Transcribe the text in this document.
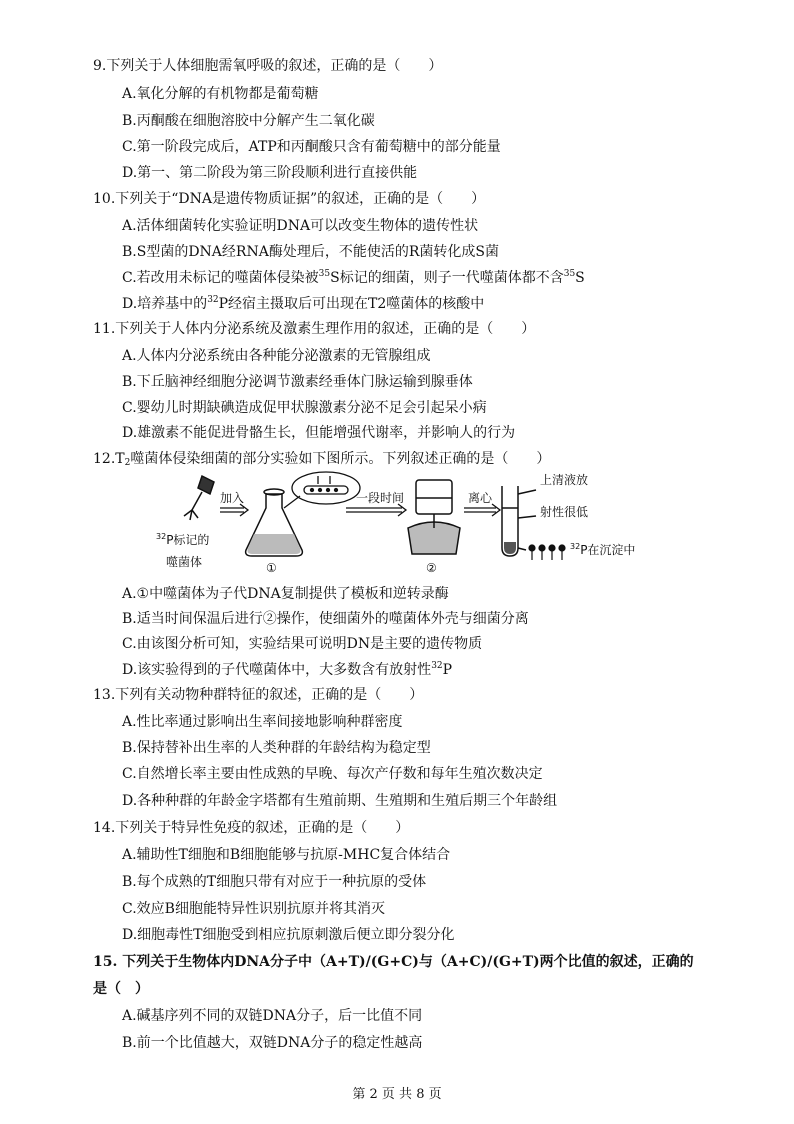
9.下列关于人体细胞需氧呼吸的叙述，正确的是（　　）
A.氧化分解的有机物都是葡萄糖
B.丙酮酸在细胞溶胶中分解产生二氧化碳
C.第一阶段完成后，ATP和丙酮酸只含有葡萄糖中的部分能量
D.第一、第二阶段为第三阶段顺利进行直接供能
10.下列关于“DNA是遗传物质证据”的叙述，正确的是（　　）
A.活体细菌转化实验证明DNA可以改变生物体的遗传性状
B.S型菌的DNA经RNA酶处理后，不能使活的R菌转化成S菌
C.若改用未标记的噬菌体侵染被$^{35}$S标记的细菌，则子一代噬菌体都不含$^{35}$S
D.培养基中的$^{32}$P经宿主摄取后可出现在T2噬菌体的核酸中
11.下列关于人体内分泌系统及激素生理作用的叙述，正确的是（　　）
A.人体内分泌系统由各种能分泌激素的无管腺组成
B.下丘脑神经细胞分泌调节激素经垂体门脉运输到腺垂体
C.婴幼儿时期缺碘造成促甲状腺激素分泌不足会引起呆小病
D.雄激素不能促进骨骼生长，但能增强代谢率，并影响人的行为
$12.T_2$噬菌体侵染细菌的部分实验如下图所示。下列叙述正确的是（　　）
$^{32}$P标记的
噬菌体
加入
①
一段时间
②
离心
上清液放
射性很低
$^{32}$P在沉淀中
A.①中噬菌体为子代DNA复制提供了模板和逆转录酶
B.适当时间保温后进行②操作，使细菌外的噬菌体外壳与细菌分离
C.由该图分析可知，实验结果可说明DN是主要的遗传物质
D.该实验得到的子代噬菌体中，大多数含有放射性$^{32}$P
13.下列有关动物种群特征的叙述，正确的是（　　）
A.性比率通过影响出生率间接地影响种群密度
B.保持替补出生率的人类种群的年龄结构为稳定型
C.自然增长率主要由性成熟的早晚、每次产仔数和每年生殖次数决定
D.各种种群的年龄金字塔都有生殖前期、生殖期和生殖后期三个年龄组
14.下列关于特异性免疫的叙述，正确的是（　　）
A.辅助性T细胞和B细胞能够与抗原-MHC复合体结合
B.每个成熟的T细胞只带有对应于一种抗原的受体
C.效应B细胞能特异性识别抗原并将其消灭
D.细胞毒性T细胞受到相应抗原刺激后便立即分裂分化
15. 下列关于生物体内DNA分子中（A+T)/(G+C)与（A+C)/(G+T)两个比值的叙述，正确的
是（　）
A.碱基序列不同的双链DNA分子，后一比值不同
B.前一个比值越大，双链DNA分子的稳定性越高
第 2 页 共 8 页
